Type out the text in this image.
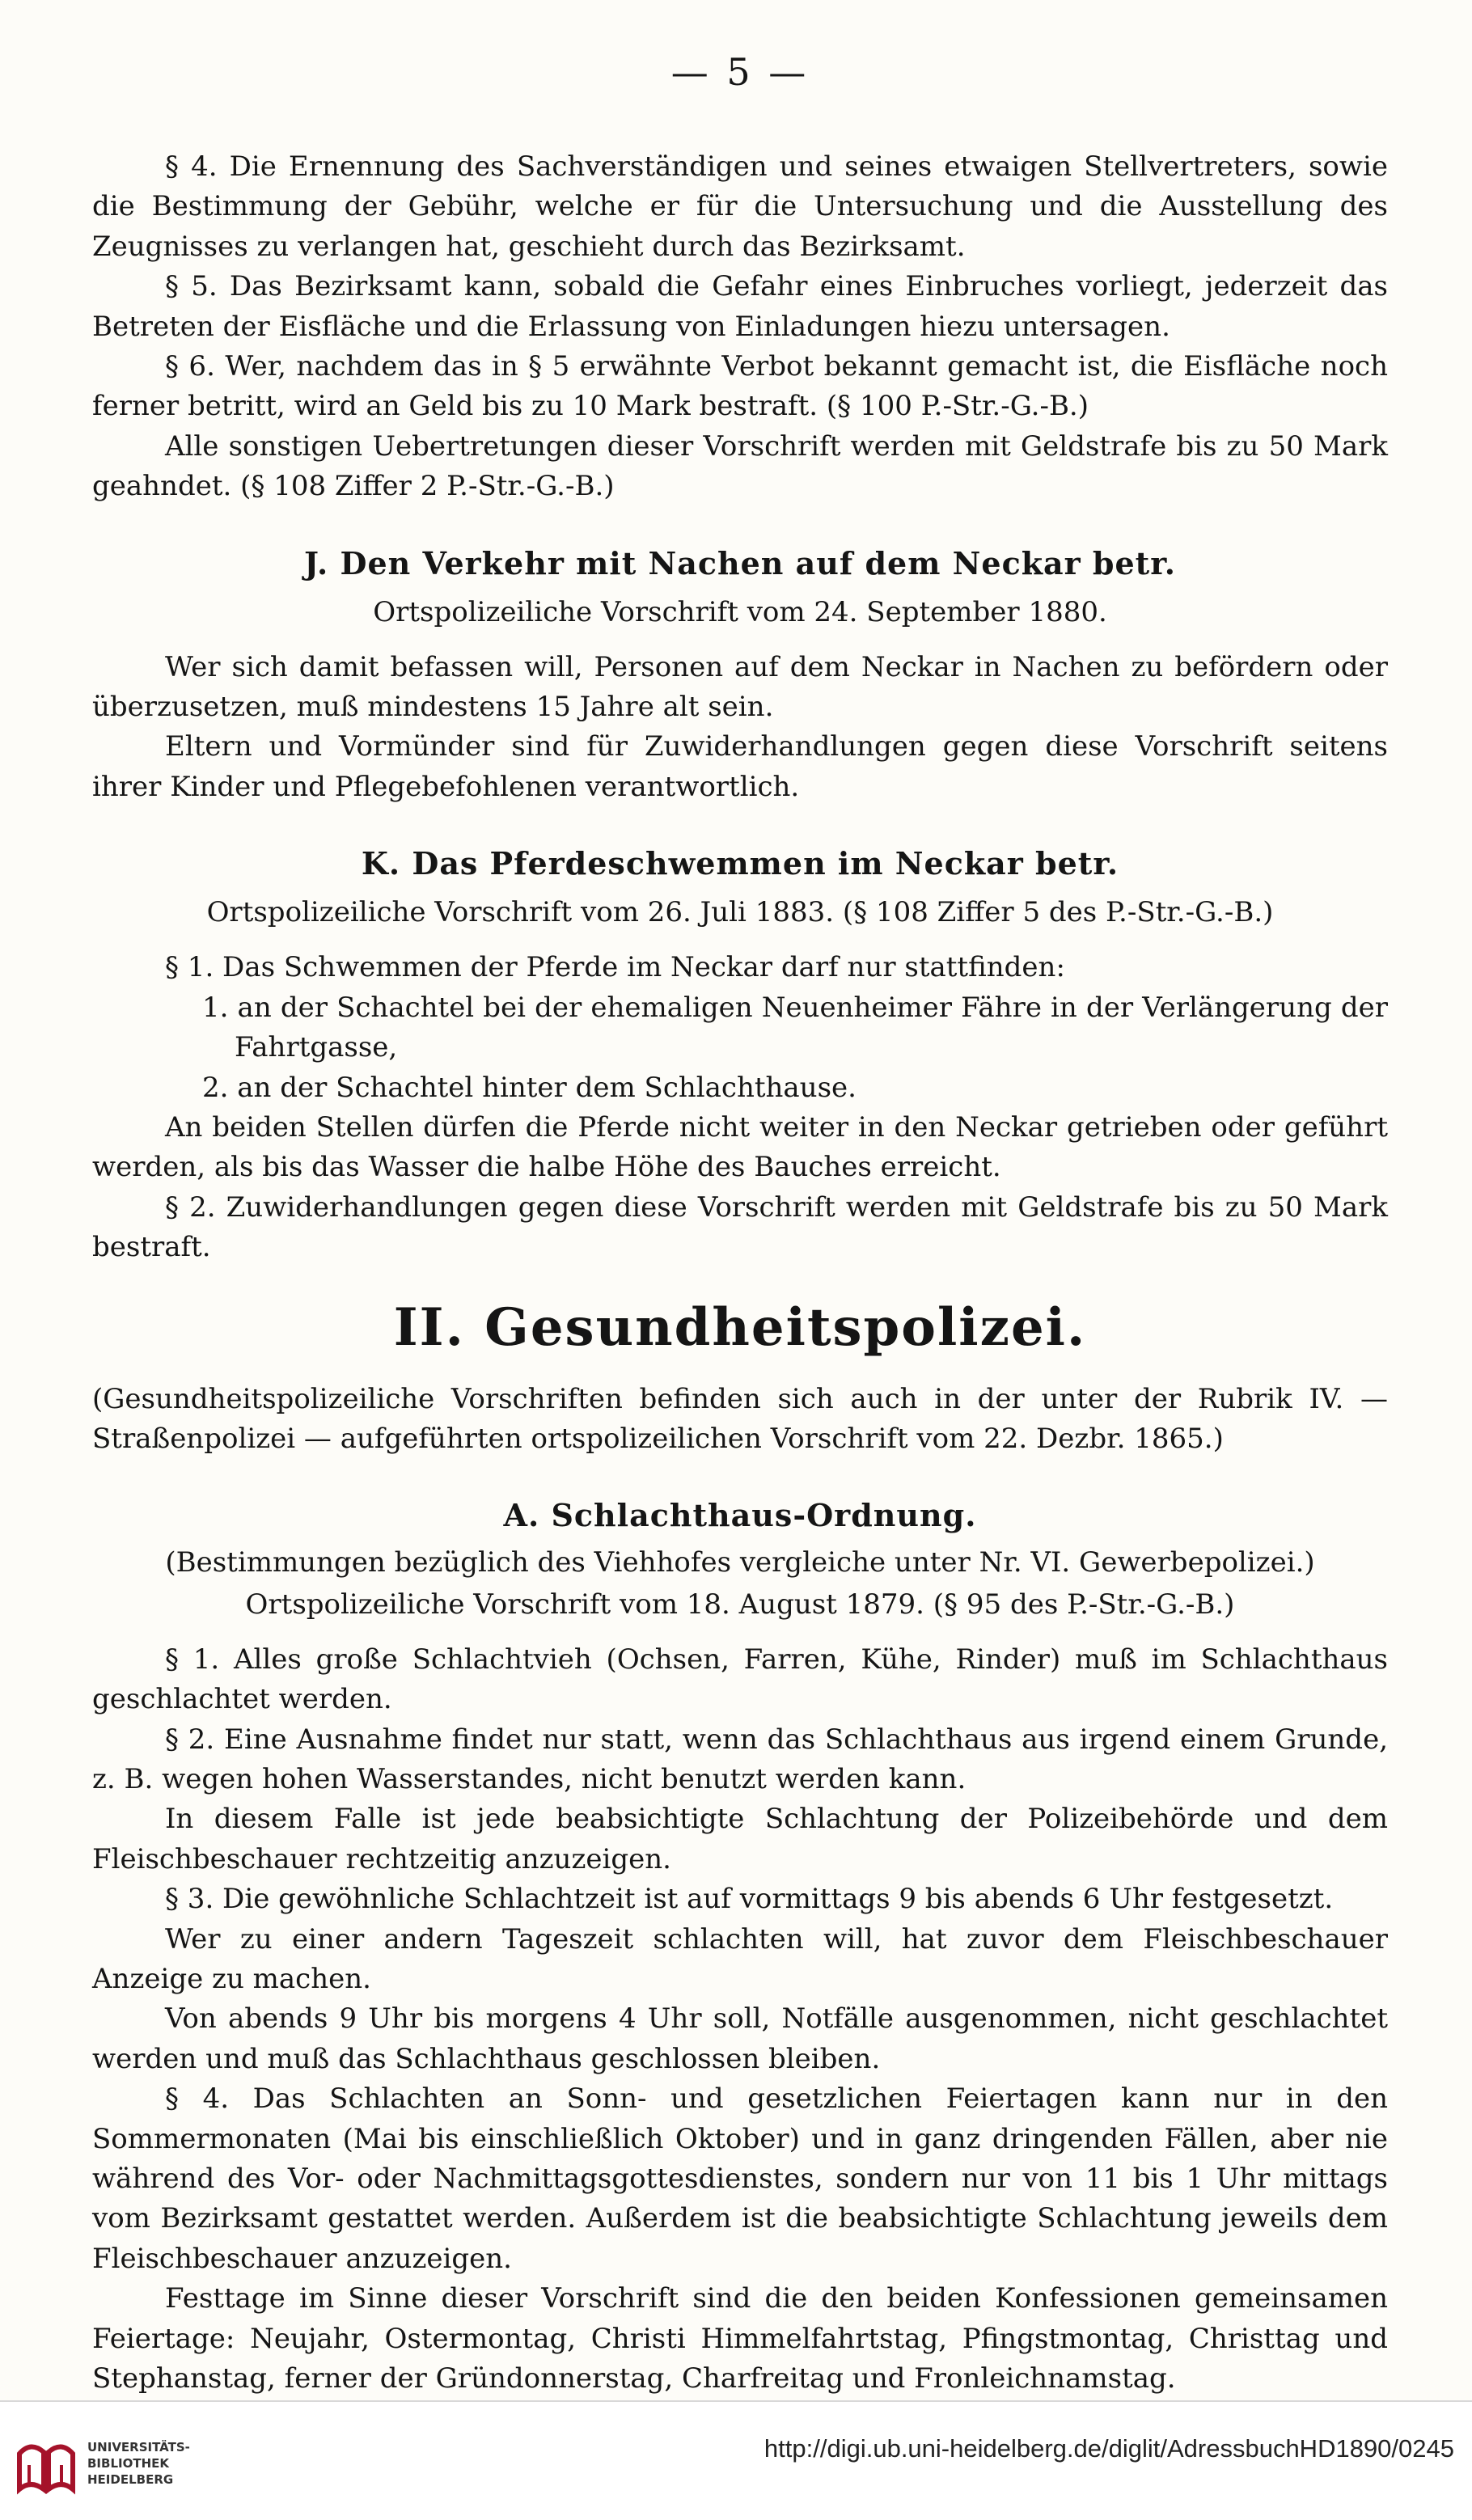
— 5 —

§ 4. Die Ernennung des Sachverständigen und seines etwaigen Stellvertreters, sowie die Bestimmung der Gebühr, welche er für die Untersuchung und die Ausstellung des Zeugnisses zu verlangen hat, geschieht durch das Bezirksamt.

§ 5. Das Bezirksamt kann, sobald die Gefahr eines Einbruches vorliegt, jederzeit das Betreten der Eisfläche und die Erlassung von Einladungen hiezu untersagen.

§ 6. Wer, nachdem das in § 5 erwähnte Verbot bekannt gemacht ist, die Eisfläche noch ferner betritt, wird an Geld bis zu 10 Mark bestraft. (§ 100 P.-Str.-G.-B.)

Alle sonstigen Uebertretungen dieser Vorschrift werden mit Geldstrafe bis zu 50 Mark geahndet. (§ 108 Ziffer 2 P.-Str.-G.-B.)

J. Den Verkehr mit Nachen auf dem Neckar betr.
Ortspolizeiliche Vorschrift vom 24. September 1880.

Wer sich damit befassen will, Personen auf dem Neckar in Nachen zu befördern oder überzusetzen, muß mindestens 15 Jahre alt sein.

Eltern und Vormünder sind für Zuwiderhandlungen gegen diese Vorschrift seitens ihrer Kinder und Pflegebefohlenen verantwortlich.

K. Das Pferdeschwemmen im Neckar betr.
Ortspolizeiliche Vorschrift vom 26. Juli 1883. (§ 108 Ziffer 5 des P.-Str.-G.-B.)

§ 1. Das Schwemmen der Pferde im Neckar darf nur stattfinden:

1. an der Schachtel bei der ehemaligen Neuenheimer Fähre in der Verlängerung der Fahrtgasse,
2. an der Schachtel hinter dem Schlachthause.

An beiden Stellen dürfen die Pferde nicht weiter in den Neckar getrieben oder geführt werden, als bis das Wasser die halbe Höhe des Bauches erreicht.

§ 2. Zuwiderhandlungen gegen diese Vorschrift werden mit Geldstrafe bis zu 50 Mark bestraft.

II. Gesundheitspolizei.

(Gesundheitspolizeiliche Vorschriften befinden sich auch in der unter der Rubrik IV. — Straßenpolizei — aufgeführten ortspolizeilichen Vorschrift vom 22. Dezbr. 1865.)

A. Schlachthaus-Ordnung.
(Bestimmungen bezüglich des Viehhofes vergleiche unter Nr. VI. Gewerbepolizei.)
Ortspolizeiliche Vorschrift vom 18. August 1879. (§ 95 des P.-Str.-G.-B.)

§ 1. Alles große Schlachtvieh (Ochsen, Farren, Kühe, Rinder) muß im Schlachthaus geschlachtet werden.

§ 2. Eine Ausnahme findet nur statt, wenn das Schlachthaus aus irgend einem Grunde, z. B. wegen hohen Wasserstandes, nicht benutzt werden kann.

In diesem Falle ist jede beabsichtigte Schlachtung der Polizeibehörde und dem Fleischbeschauer rechtzeitig anzuzeigen.

§ 3. Die gewöhnliche Schlachtzeit ist auf vormittags 9 bis abends 6 Uhr festgesetzt.

Wer zu einer andern Tageszeit schlachten will, hat zuvor dem Fleischbeschauer Anzeige zu machen.

Von abends 9 Uhr bis morgens 4 Uhr soll, Notfälle ausgenommen, nicht geschlachtet werden und muß das Schlachthaus geschlossen bleiben.

§ 4. Das Schlachten an Sonn- und gesetzlichen Feiertagen kann nur in den Sommermonaten (Mai bis einschließlich Oktober) und in ganz dringenden Fällen, aber nie während des Vor- oder Nachmittagsgottesdienstes, sondern nur von 11 bis 1 Uhr mittags vom Bezirksamt gestattet werden. Außerdem ist die beabsichtigte Schlachtung jeweils dem Fleischbeschauer anzuzeigen.

Festtage im Sinne dieser Vorschrift sind die den beiden Konfessionen gemeinsamen Feiertage: Neujahr, Ostermontag, Christi Himmelfahrtstag, Pfingstmontag, Christtag und Stephanstag, ferner der Gründonnerstag, Charfreitag und Fronleichnamstag.

UNIVERSITÄTS-
BIBLIOTHEK
HEIDELBERG
http://digi.ub.uni-heidelberg.de/diglit/AdressbuchHD1890/0245
